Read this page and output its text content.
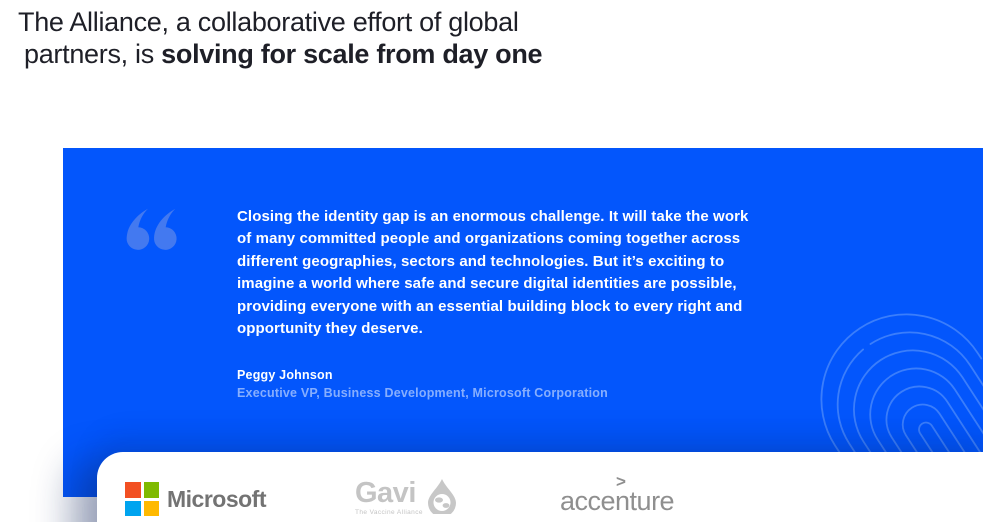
The Alliance, a collaborative effort of global
partners, is solving for scale from day one

Closing the identity gap is an enormous challenge. It will take the work of many committed people and organizations coming together across different geographies, sectors and technologies. But it’s exciting to imagine a world where safe and secure digital identities are possible, providing everyone with an essential building block to every right and opportunity they deserve.

Peggy Johnson
Executive VP, Business Development, Microsoft Corporation
Microsoft	Gavi
The Vaccine Alliance
>
accenture
